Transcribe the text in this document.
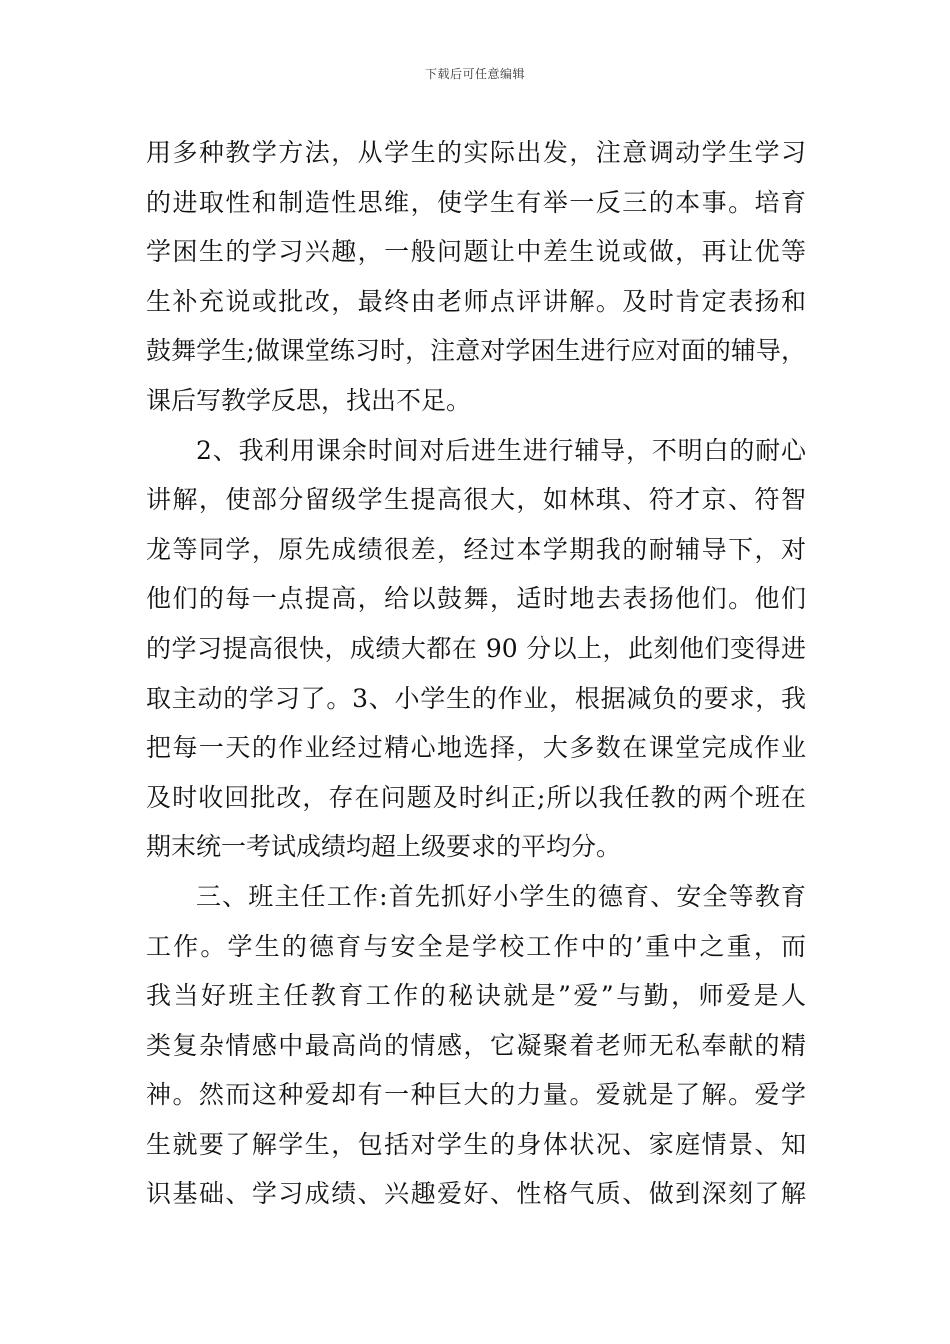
下载后可任意编辑
用多种教学方法，从学生的实际出发，注意调动学生学习
的进取性和制造性思维，使学生有举一反三的本事。培育
学困生的学习兴趣，一般问题让中差生说或做，再让优等
生补充说或批改，最终由老师点评讲解。及时肯定表扬和
鼓舞学生;做课堂练习时，注意对学困生进行应对面的辅导，
课后写教学反思，找出不足。
2、我利用课余时间对后进生进行辅导，不明白的耐心
讲解，使部分留级学生提高很大，如林琪、符才京、符智
龙等同学，原先成绩很差，经过本学期我的耐辅导下，对
他们的每一点提高，给以鼓舞，适时地去表扬他们。他们
的学习提高很快，成绩大都在 90 分以上，此刻他们变得进
取主动的学习了。3、小学生的作业，根据减负的要求，我
把每一天的作业经过精心地选择，大多数在课堂完成作业
及时收回批改，存在问题及时纠正;所以我任教的两个班在
期末统一考试成绩均超上级要求的平均分。
三、班主任工作:首先抓好小学生的德育、安全等教育
工作。学生的德育与安全是学校工作中的’重中之重，而
我当好班主任教育工作的秘诀就是”爱”与勤，师爱是人
类复杂情感中最高尚的情感，它凝聚着老师无私奉献的精
神。然而这种爱却有一种巨大的力量。爱就是了解。爱学
生就要了解学生，包括对学生的身体状况、家庭情景、知
识基础、学习成绩、兴趣爱好、性格气质、做到深刻了解
